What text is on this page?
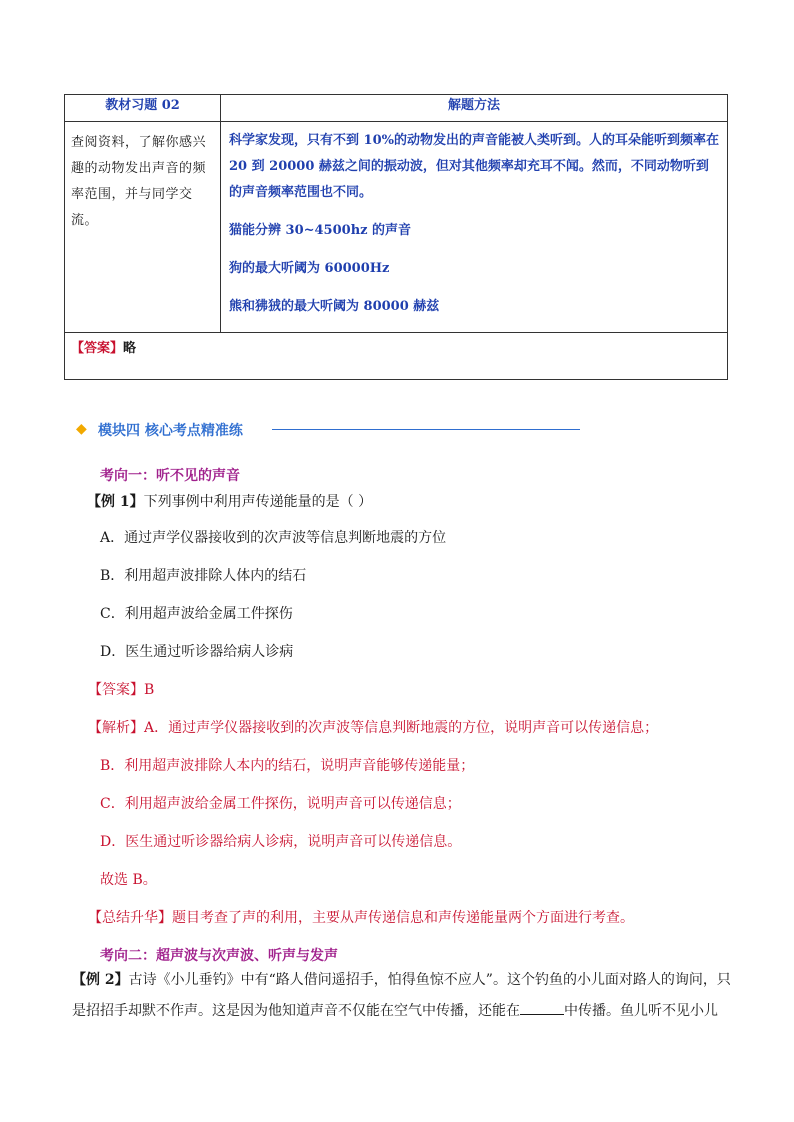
教材习题 02	解题方法

查阅资料，了解你感兴趣的动物发出声音的频率范围，并与同学交流。	科学家发现，只有不到 10%的动物发出的声音能被人类听到。人的耳朵能听到频率在 20 到 20000 赫兹之间的振动波，但对其他频率却充耳不闻。然而，不同动物听到的声音频率范围也不同。

猫能分辨 30~4500hz 的声音

狗的最大听阈为 60000Hz

熊和狒狨的最大听阈为 80000 赫兹

【答案】略	
◆ 模块四 核心考点精准练
考向一：听不见的声音
【例 1】下列事例中利用声传递能量的是（ ）
A．通过声学仪器接收到的次声波等信息判断地震的方位
B．利用超声波排除人体内的结石
C．利用超声波给金属工件探伤
D．医生通过听诊器给病人诊病
【答案】B
【解析】A．通过声学仪器接收到的次声波等信息判断地震的方位，说明声音可以传递信息；
B．利用超声波排除人本内的结石，说明声音能够传递能量；
C．利用超声波给金属工件探伤，说明声音可以传递信息；
D．医生通过听诊器给病人诊病，说明声音可以传递信息。
故选 B。
【总结升华】题目考查了声的利用，主要从声传递信息和声传递能量两个方面进行考查。
考向二：超声波与次声波、听声与发声
【例 2】古诗《小儿垂钓》中有“路人借问遥招手，怕得鱼惊不应人”。这个钓鱼的小儿面对路人的询问，只
是招招手却默不作声。这是因为他知道声音不仅能在空气中传播，还能在	中传播。鱼儿听不见小儿
